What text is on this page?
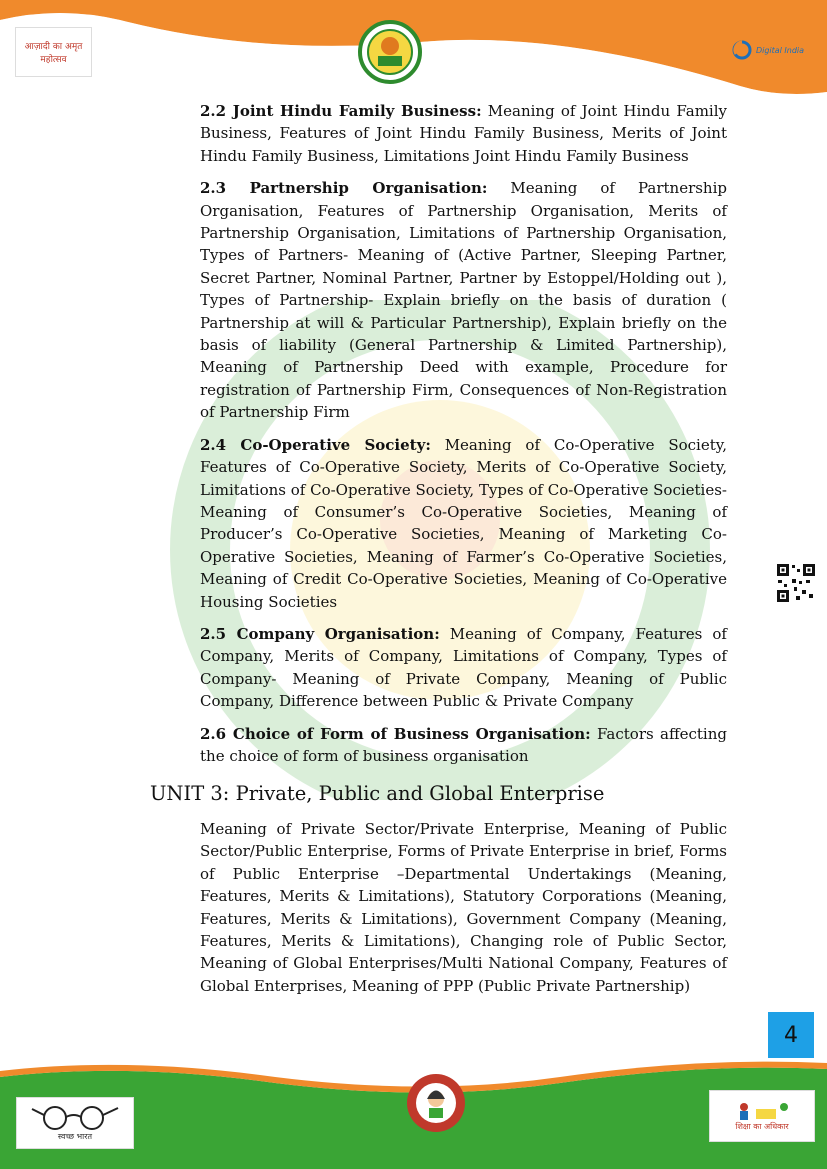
आज़ादी का अमृत महोत्सव
Digital India

2.2 Joint Hindu Family Business: Meaning of Joint Hindu Family Business, Features of Joint Hindu Family Business, Merits of Joint Hindu Family Business, Limitations Joint Hindu Family Business

2.3 Partnership Organisation: Meaning of Partnership Organisation, Features of Partnership Organisation, Merits of Partnership Organisation, Limitations of Partnership Organisation, Types of Partners- Meaning of (Active Partner, Sleeping Partner, Secret Partner, Nominal Partner, Partner by Estoppel/Holding out ), Types of Partnership- Explain briefly on the basis of duration ( Partnership at will & Particular Partnership), Explain briefly on the basis of liability (General Partnership & Limited Partnership), Meaning of Partnership Deed with example, Procedure for registration of Partnership Firm, Consequences of Non-Registration of Partnership Firm

2.4 Co-Operative Society: Meaning of Co-Operative Society, Features of Co-Operative Society, Merits of Co-Operative Society, Limitations of Co-Operative Society, Types of Co-Operative Societies- Meaning of Consumer’s Co-Operative Societies, Meaning of Producer’s Co-Operative Societies, Meaning of Marketing Co-Operative Societies, Meaning of Farmer’s Co-Operative Societies, Meaning of Credit Co-Operative Societies, Meaning of Co-Operative Housing Societies

2.5 Company Organisation: Meaning of Company, Features of Company, Merits of Company, Limitations of Company, Types of Company- Meaning of Private Company, Meaning of Public Company, Difference between Public & Private Company

2.6 Choice of Form of Business Organisation: Factors affecting the choice of form of business organisation

UNIT 3: Private, Public and Global Enterprise

Meaning of Private Sector/Private Enterprise, Meaning of Public Sector/Public Enterprise, Forms of Private Enterprise in brief, Forms of Public Enterprise –Departmental Undertakings (Meaning, Features, Merits & Limitations), Statutory Corporations (Meaning, Features, Merits & Limitations), Government Company (Meaning, Features, Merits & Limitations), Changing role of Public Sector, Meaning of Global Enterprises/Multi National Company, Features of Global Enterprises, Meaning of PPP (Public Private Partnership)

4
स्वच्छ भारत
शिक्षा का अधिकार
